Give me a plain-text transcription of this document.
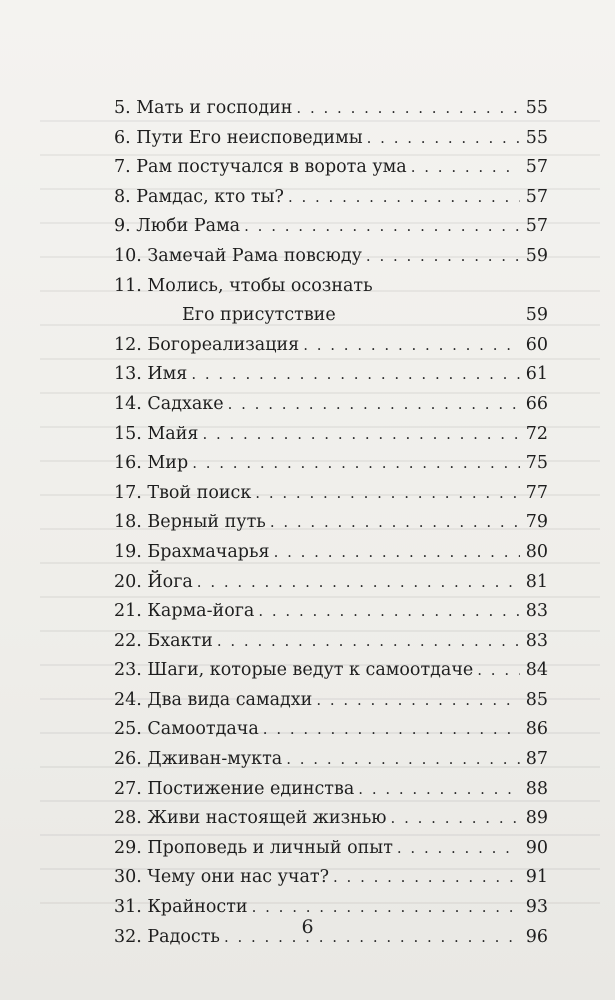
5. Мать и господин . . .	55
6. Пути Его неисповедимы . . .	55
7. Рам постучался в ворота ума . . .	57
8. Рамдас, кто ты? . . .	57
9. Люби Рама . . .	57
10. Замечай Рама повсюду . . .	59
11. Молись, чтобы осознать
Его присутствие	59
12. Богореализация . . .	60
13. Имя . . .	61
14. Садхаке . . .	66
15. Майя . . .	72
16. Мир . . .	75
17. Твой поиск . . .	77
18. Верный путь . . .	79
19. Брахмачарья . . .	80
20. Йога . . .	81
21. Карма-йога . . .	83
22. Бхакти . . .	83
23. Шаги, которые ведут к самоотдаче . . .	84
24. Два вида самадхи . . .	85
25. Самоотдача . . .	86
26. Дживан-мукта . . .	87
27. Постижение единства . . .	88
28. Живи настоящей жизнью . . .	89
29. Проповедь и личный опыт . . .	90
30. Чему они нас учат? . . .	91
31. Крайности . . .	93
32. Радость . . .	96
6
